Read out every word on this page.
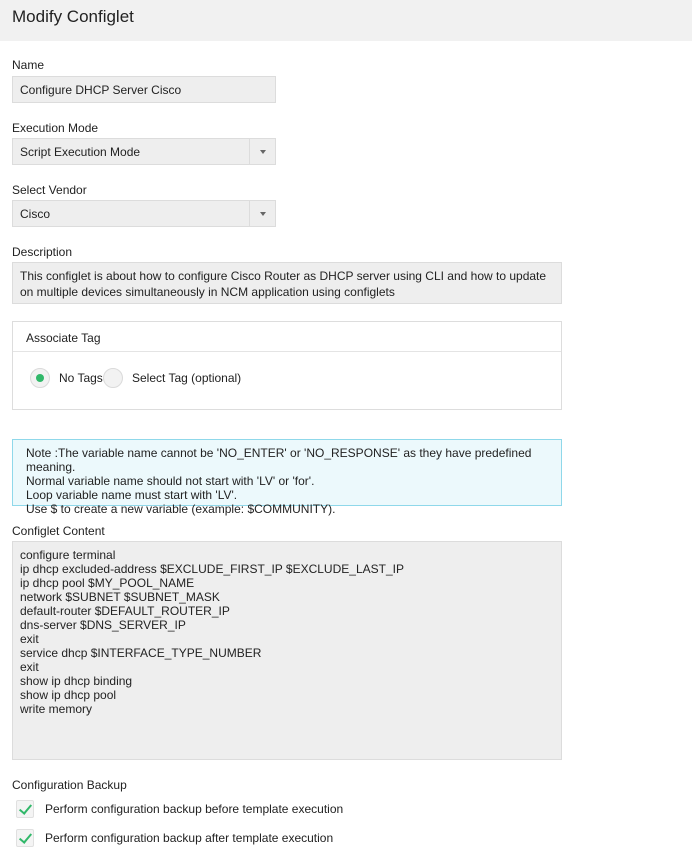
Modify Configlet
Name
Configure DHCP Server Cisco
Execution Mode
Script Execution Mode
Select Vendor
Cisco
Description
This configlet is about how to configure Cisco Router as DHCP server using CLI and how to update on multiple devices simultaneously in NCM application using configlets
Associate Tag
No Tags Select Tag (optional)
Note :The variable name cannot be 'NO_ENTER' or 'NO_RESPONSE' as they have predefined meaning.
Normal variable name should not start with 'LV' or 'for'.
Loop variable name must start with 'LV'.
Use $ to create a new variable (example: $COMMUNITY).
Configlet Content
configure terminal
ip dhcp excluded-address $EXCLUDE_FIRST_IP $EXCLUDE_LAST_IP
ip dhcp pool $MY_POOL_NAME
network $SUBNET $SUBNET_MASK
default-router $DEFAULT_ROUTER_IP
dns-server $DNS_SERVER_IP
exit
service dhcp $INTERFACE_TYPE_NUMBER
exit
show ip dhcp binding
show ip dhcp pool
write memory
Configuration Backup
Perform configuration backup before template execution
Perform configuration backup after template execution
